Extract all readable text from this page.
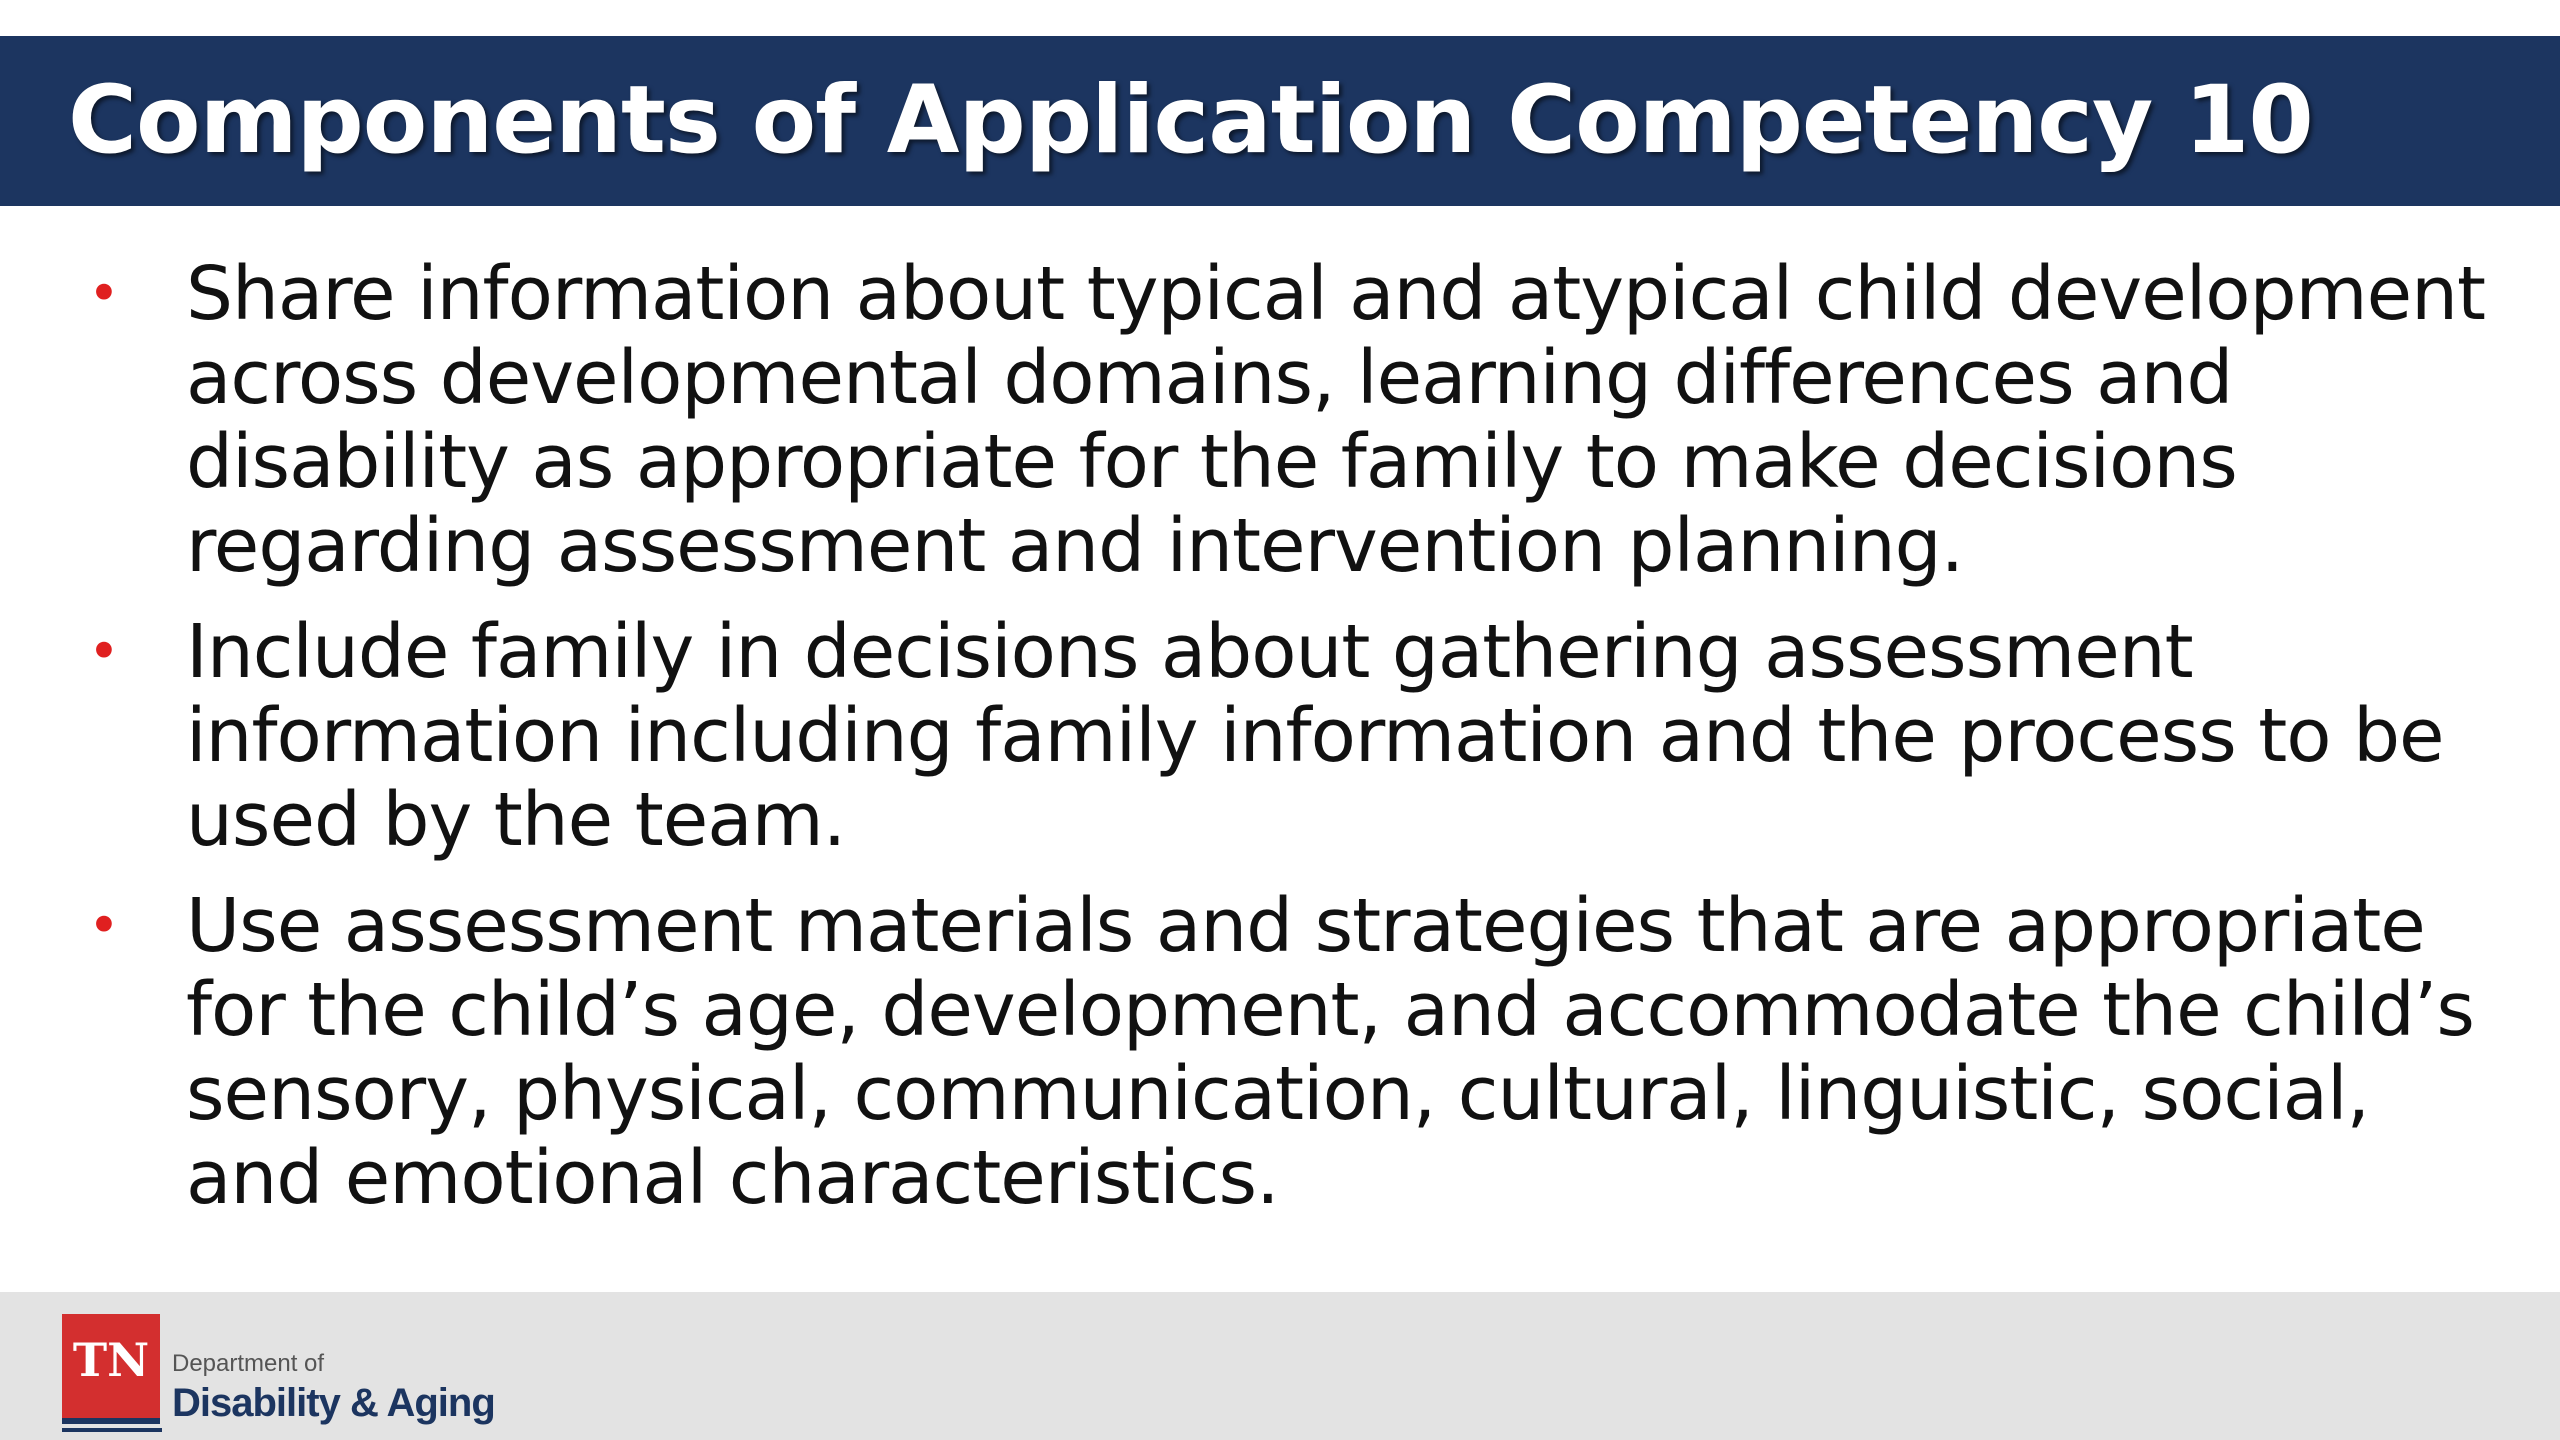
Components of Application Competency 10
• Share information about typical and atypical child development across developmental domains, learning differences and disability as appropriate for the family to make decisions regarding assessment and intervention planning.
• Include family in decisions about gathering assessment information including family information and the process to be used by the team.
• Use assessment materials and strategies that are appropriate for the child’s age, development, and accommodate the child’s sensory, physical, communication, cultural, linguistic, social, and emotional characteristics.
TN Department of
Disability & Aging
